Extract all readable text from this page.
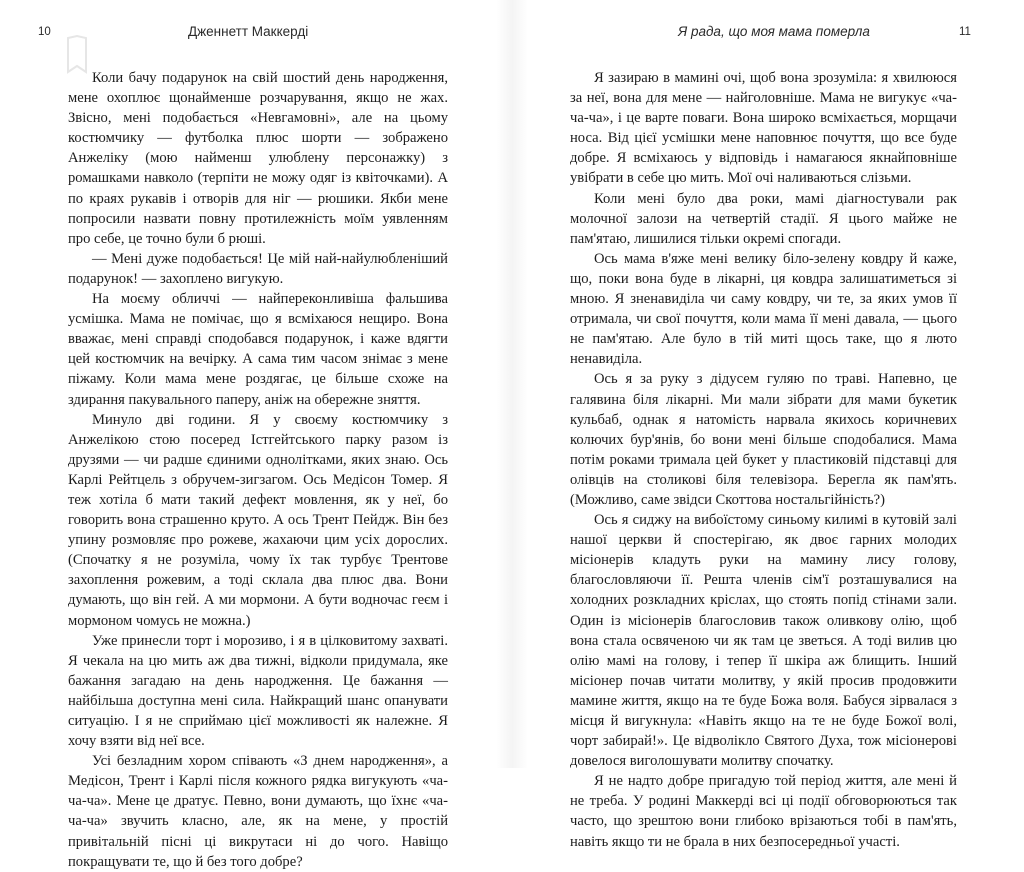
10	Дженнетт Маккерді

Коли бачу подарунок на свій шостий день народження, мене охоплює щонайменше розчарування, якщо не жах. Звісно, мені подобається «Невгамовні», але на цьому костюмчику — футболка плюс шорти — зображено Анжеліку (мою найменш улюблену персонажку) з ромашками навколо (терпіти не можу одяг із квіточками). А по краях рукавів і отворів для ніг — рюшики. Якби мене попросили назвати повну протилежність моїм уявленням про себе, це точно були б рюші.

— Мені дуже подобається! Це мій най-найулюбленіший подарунок! — захоплено вигукую.

На моєму обличчі — найпереконливіша фальшива усмішка. Мама не помічає, що я всміхаюся нещиро. Вона вважає, мені справді сподобався подарунок, і каже вдягти цей костюмчик на вечірку. А сама тим часом знімає з мене піжаму. Коли мама мене роздягає, це більше схоже на здирання пакувального паперу, аніж на обережне зняття.

Минуло дві години. Я у своєму костюмчику з Анжелікою стою посеред Істгейтського парку разом із друзями — чи радше єдиними однолітками, яких знаю. Ось Карлі Рейтцель з обручем-зигзагом. Ось Медісон Томер. Я теж хотіла б мати такий дефект мовлення, як у неї, бо говорить вона страшенно круто. А ось Трент Пейдж. Він без упину розмовляє про рожеве, жахаючи цим усіх дорослих. (Спочатку я не розуміла, чому їх так турбує Трентове захоплення рожевим, а тоді склала два плюс два. Вони думають, що він гей. А ми мормони. А бути водночас геєм і мормоном чомусь не можна.)

Уже принесли торт і морозиво, і я в цілковитому захваті. Я чекала на цю мить аж два тижні, відколи придумала, яке бажання загадаю на день народження. Це бажання — найбільша доступна мені сила. Найкращий шанс опанувати ситуацію. І я не сприймаю цієї можливості як належне. Я хочу взяти від неї все.

Усі безладним хором співають «З днем народження», а Медісон, Трент і Карлі після кожного рядка вигукують «ча-ча-ча». Мене це дратує. Певно, вони думають, що їхнє «ча-ча-ча» звучить класно, але, як на мене, у простій привітальній пісні ці викрутаси ні до чого. Навіщо покращувати те, що й без того добре?

Я рада, що моя мама померла	11

Я зазираю в мамині очі, щоб вона зрозуміла: я хвилююся за неї, вона для мене — найголовніше. Мама не вигукує «ча-ча-ча», і це варте поваги. Вона широко всміхається, морщачи носа. Від цієї усмішки мене наповнює почуття, що все буде добре. Я всміхаюсь у відповідь і намагаюся якнайповніше увібрати в себе цю мить. Мої очі наливаються слізьми.

Коли мені було два роки, мамі діагностували рак молочної залози на четвертій стадії. Я цього майже не пам'ятаю, лишилися тільки окремі спогади.

Ось мама в'яже мені велику біло-зелену ковдру й каже, що, поки вона буде в лікарні, ця ковдра залишатиметься зі мною. Я зненавиділа чи саму ковдру, чи те, за яких умов її отримала, чи свої почуття, коли мама її мені давала, — цього не пам'ятаю. Але було в тій миті щось таке, що я люто ненавиділа.

Ось я за руку з дідусем гуляю по траві. Напевно, це галявина біля лікарні. Ми мали зібрати для мами букетик кульбаб, однак я натомість нарвала якихось коричневих колючих бур'янів, бо вони мені більше сподобалися. Мама потім роками тримала цей букет у пластиковій підставці для олівців на столикові біля телевізора. Берегла як пам'ять. (Можливо, саме звідси Скоттова ностальгійність?)

Ось я сиджу на вибоїстому синьому килимі в кутовій залі нашої церкви й спостерігаю, як двоє гарних молодих місіонерів кладуть руки на мамину лису голову, благословляючи її. Решта членів сім'ї розташувалися на холодних розкладних кріслах, що стоять попід стінами зали. Один із місіонерів благословив також оливкову олію, щоб вона стала освяченою чи як там це зветься. А тоді вилив цю олію мамі на голову, і тепер її шкіра аж блищить. Інший місіонер почав читати молитву, у якій просив продовжити мамине життя, якщо на те буде Божа воля. Бабуся зірвалася з місця й вигукнула: «Навіть якщо на те не буде Божої волі, чорт забирай!». Це відволікло Святого Духа, тож місіонерові довелося виголошувати молитву спочатку.

Я не надто добре пригадую той період життя, але мені й не треба. У родині Маккерді всі ці події обговорюються так часто, що зрештою вони глибоко врізаються тобі в пам'ять, навіть якщо ти не брала в них безпосередньої участі.
